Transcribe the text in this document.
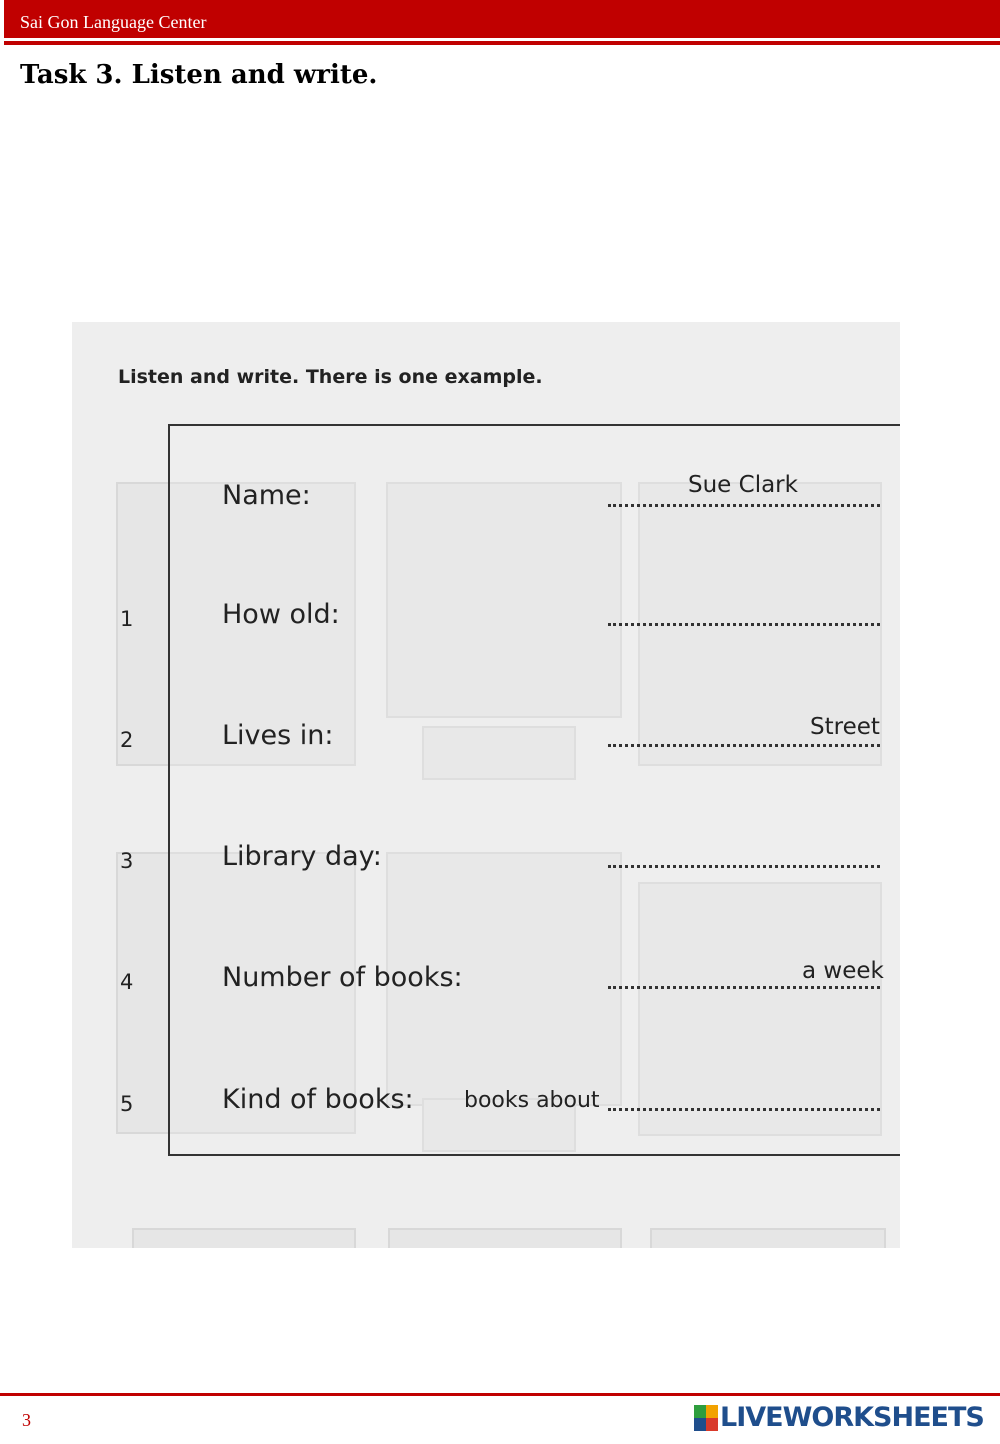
Sai Gon Language Center
Task 3. Listen and write.
Listen and write. There is one example.
Name:	Sue Clark
1	How old:
2	Lives in:	Street
3	Library day:
4	Number of books:	a week
5	Kind of books: books about
3	LIVEWORKSHEETS
